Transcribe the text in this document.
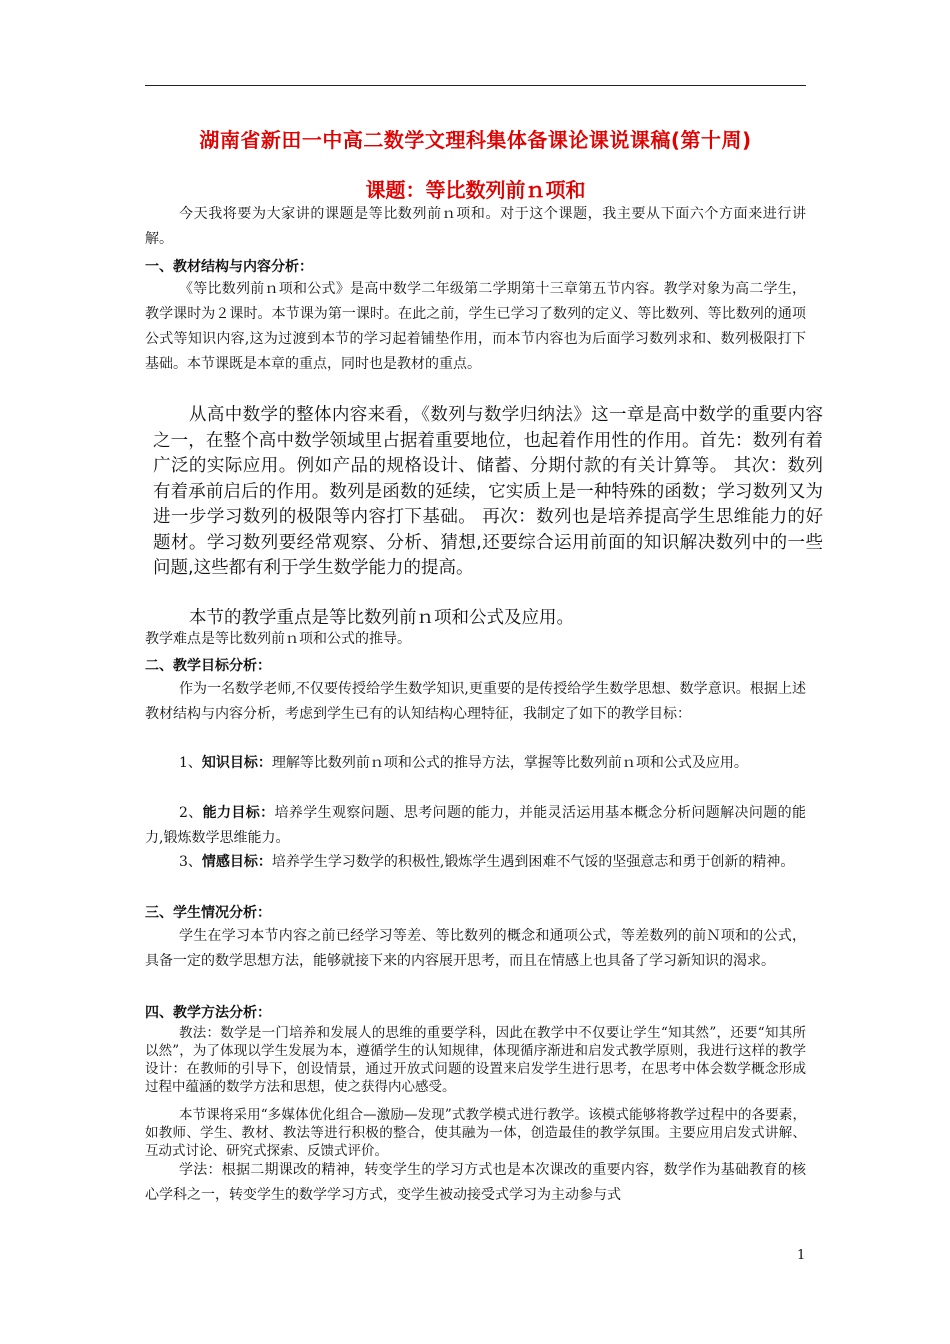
湖南省新田一中高二数学文理科集体备课论课说课稿(第十周)
课题：等比数列前ｎ项和

今天我将要为大家讲的课题是等比数列前ｎ项和。对于这个课题，我主要从下面六个方面来进行讲解。

一、教材结构与内容分析：

《等比数列前ｎ项和公式》是高中数学二年级第二学期第十三章第五节内容。教学对象为高二学生，教学课时为２课时。本节课为第一课时。在此之前，学生已学习了数列的定义、等比数列、等比数列的通项公式等知识内容,这为过渡到本节的学习起着铺垫作用，而本节内容也为后面学习数列求和、数列极限打下基础。本节课既是本章的重点，同时也是教材的重点。

从高中数学的整体内容来看，《数列与数学归纳法》这一章是高中数学的重要内容之一，在整个高中数学领域里占据着重要地位，也起着作用性的作用。首先：数列有着广泛的实际应用。例如产品的规格设计、储蓄、分期付款的有关计算等。 其次：数列有着承前启后的作用。数列是函数的延续，它实质上是一种特殊的函数；学习数列又为进一步学习数列的极限等内容打下基础。 再次：数列也是培养提高学生思维能力的好题材。学习数列要经常观察、分析、猜想,还要综合运用前面的知识解决数列中的一些问题,这些都有利于学生数学能力的提高。

本节的教学重点是等比数列前ｎ项和公式及应用。

教学难点是等比数列前ｎ项和公式的推导。

二、教学目标分析：

作为一名数学老师,不仅要传授给学生数学知识,更重要的是传授给学生数学思想、数学意识。根据上述教材结构与内容分析，考虑到学生已有的认知结构心理特征，我制定了如下的教学目标：

1、知识目标：理解等比数列前ｎ项和公式的推导方法，掌握等比数列前ｎ项和公式及应用。

2、能力目标：培养学生观察问题、思考问题的能力，并能灵活运用基本概念分析问题解决问题的能力,锻炼数学思维能力。

3、情感目标：培养学生学习数学的积极性,锻炼学生遇到困难不气馁的坚强意志和勇于创新的精神。

三、学生情况分析：

学生在学习本节内容之前已经学习等差、等比数列的概念和通项公式，等差数列的前Ｎ项和的公式，具备一定的数学思想方法，能够就接下来的内容展开思考，而且在情感上也具备了学习新知识的渴求。

四、教学方法分析：

教法：数学是一门培养和发展人的思维的重要学科，因此在教学中不仅要让学生“知其然”，还要“知其所以然”，为了体现以学生发展为本，遵循学生的认知规律，体现循序渐进和启发式教学原则，我进行这样的教学设计：在教师的引导下，创设情景，通过开放式问题的设置来启发学生进行思考，在思考中体会数学概念形成过程中蕴涵的数学方法和思想，使之获得内心感受。

本节课将采用“多媒体优化组合—激励—发现”式教学模式进行教学。该模式能够将教学过程中的各要素，如教师、学生、教材、教法等进行积极的整合，使其融为一体，创造最佳的教学氛围。主要应用启发式讲解、互动式讨论、研究式探索、反馈式评价。

学法：根据二期课改的精神，转变学生的学习方式也是本次课改的重要内容，数学作为基础教育的核心学科之一，转变学生的数学学习方式，变学生被动接受式学习为主动参与式

1
